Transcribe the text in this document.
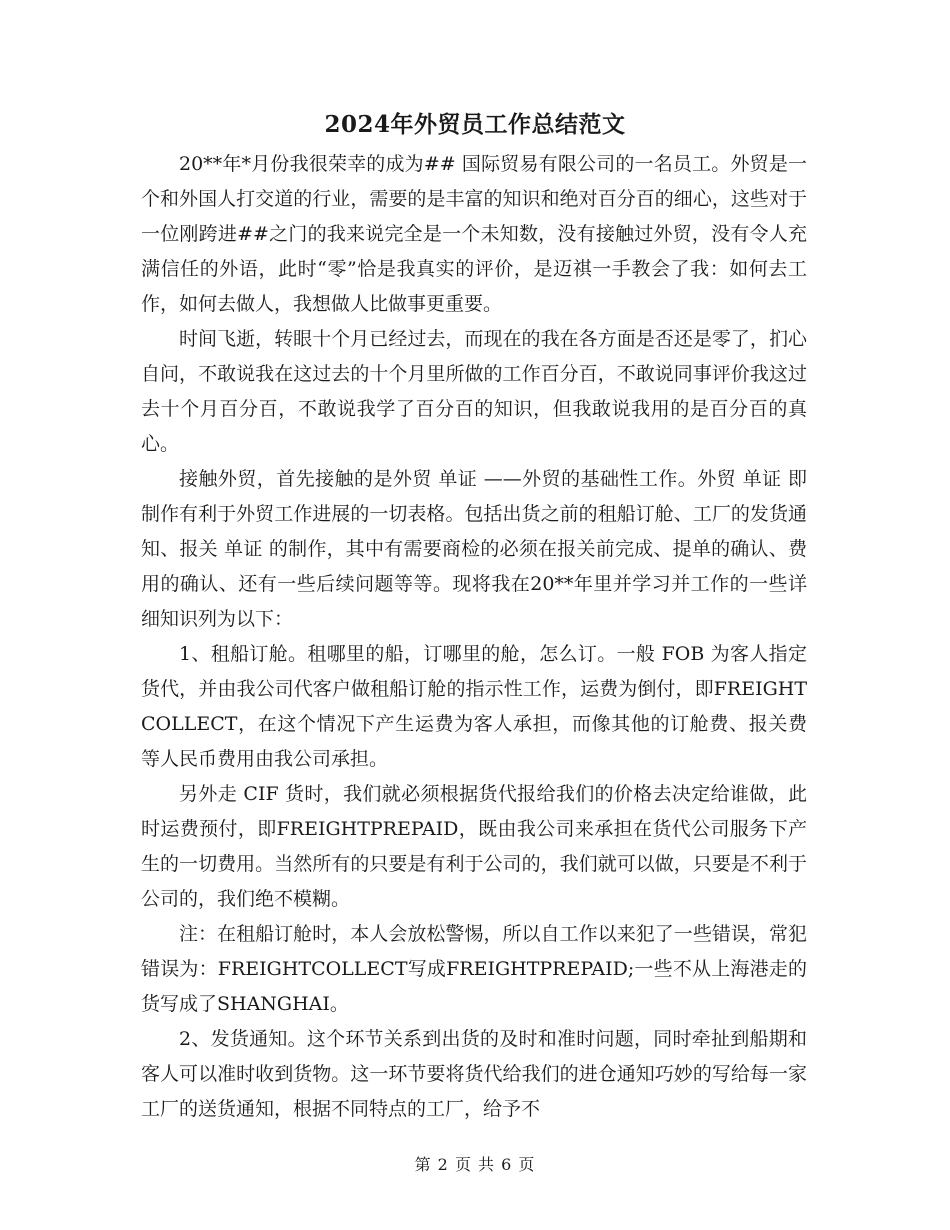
2024年外贸员工作总结范文

20**年*月份我很荣幸的成为## 国际贸易有限公司的一名员工。外贸是一个和外国人打交道的行业，需要的是丰富的知识和绝对百分百的细心，这些对于一位刚跨进##之门的我来说完全是一个未知数，没有接触过外贸，没有令人充满信任的外语，此时“零”恰是我真实的评价，是迈祺一手教会了我：如何去工作，如何去做人，我想做人比做事更重要。

时间飞逝，转眼十个月已经过去，而现在的我在各方面是否还是零了，扪心自问，不敢说我在这过去的十个月里所做的工作百分百，不敢说同事评价我这过去十个月百分百，不敢说我学了百分百的知识，但我敢说我用的是百分百的真心。

接触外贸，首先接触的是外贸 单证 ——外贸的基础性工作。外贸 单证 即制作有利于外贸工作进展的一切表格。包括出货之前的租船订舱、工厂的发货通知、报关 单证 的制作，其中有需要商检的必须在报关前完成、提单的确认、费用的确认、还有一些后续问题等等。现将我在20**年里并学习并工作的一些详细知识列为以下：

1、租船订舱。租哪里的船，订哪里的舱，怎么订。一般 FOB 为客人指定货代，并由我公司代客户做租船订舱的指示性工作，运费为倒付，即FREIGHTCOLLECT，在这个情况下产生运费为客人承担，而像其他的订舱费、报关费等人民币费用由我公司承担。

另外走 CIF 货时，我们就必须根据货代报给我们的价格去决定给谁做，此时运费预付，即FREIGHTPREPAID，既由我公司来承担在货代公司服务下产生的一切费用。当然所有的只要是有利于公司的，我们就可以做，只要是不利于公司的，我们绝不模糊。

注：在租船订舱时，本人会放松警惕，所以自工作以来犯了一些错误，常犯错误为：FREIGHTCOLLECT写成FREIGHTPREPAID;一些不从上海港走的货写成了SHANGHAI。

2、发货通知。这个环节关系到出货的及时和准时问题，同时牵扯到船期和客人可以准时收到货物。这一环节要将货代给我们的进仓通知巧妙的写给每一家工厂的送货通知，根据不同特点的工厂，给予不

第 2 页 共 6 页
